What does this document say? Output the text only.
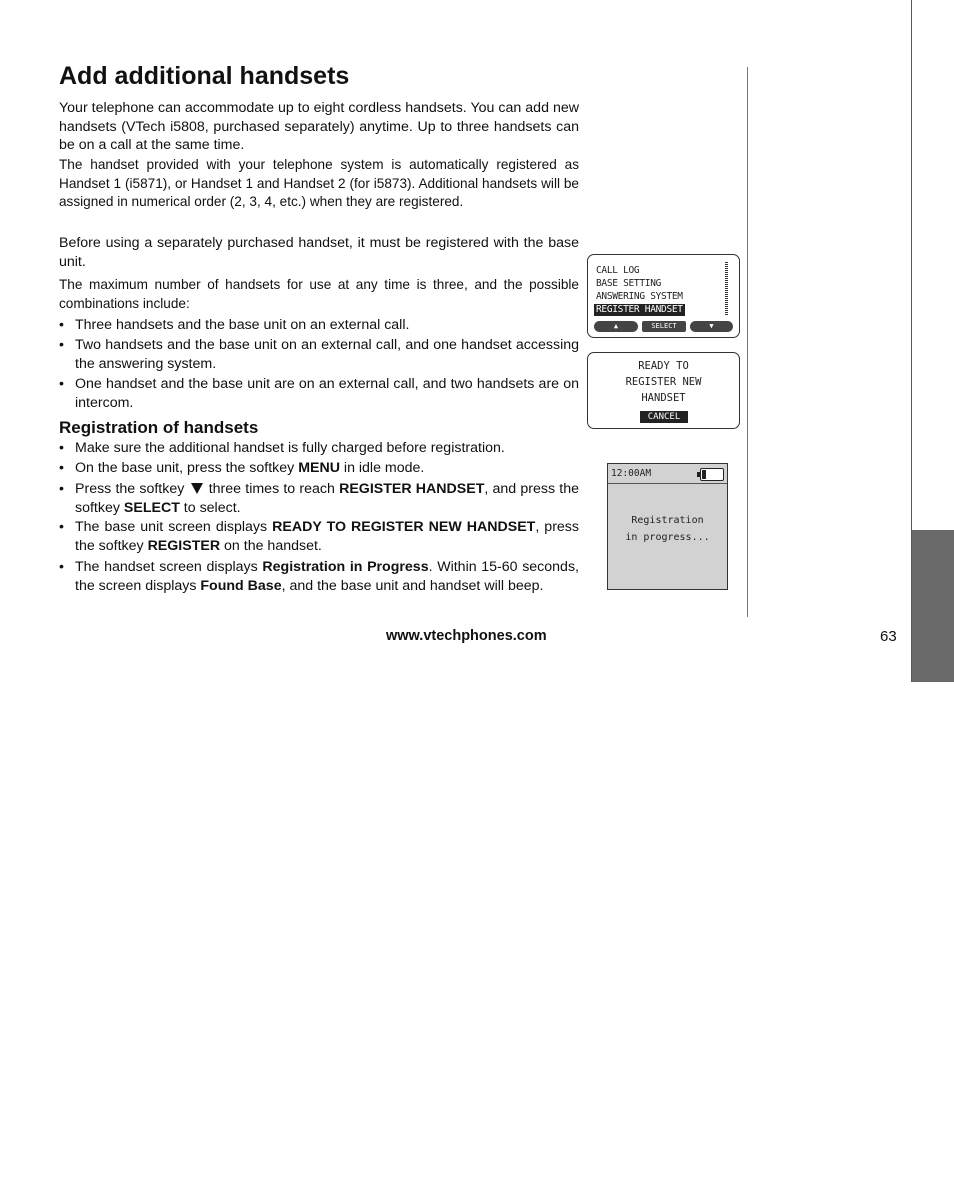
Appendix
Add additional handsets

Your telephone can accommodate up to eight cordless handsets. You can add new handsets (VTech i5808, purchased separately) anytime. Up to three handsets can be on a call at the same time.

The handset provided with your telephone system is automatically registered as Handset 1 (i5871), or Handset 1 and Handset 2 (for i5873). Additional handsets will be assigned in numerical order (2, 3, 4, etc.) when they are registered.

Before using a separately purchased handset, it must be registered with the base unit.

The maximum number of handsets for use at any time is three, and the possible combinations include:

• Three handsets and the base unit on an external call.
• Two handsets and the base unit on an external call, and one handset accessing the answering system.
• One handset and the base unit are on an external call, and two handsets are on intercom.
Registration of handsets
• Make sure the additional handset is fully charged before registration.
• On the base unit, press the softkey MENU in idle mode.
• Press the softkey  three times to reach REGISTER HANDSET, and press the softkey SELECT to select.
• The base unit screen displays READY TO REGISTER NEW HANDSET, press the softkey REGISTER on the handset.
• The handset screen displays Registration in Progress. Within 15-60 seconds, the screen displays Found Base, and the base unit and handset will beep.
CALL LOG
BASE SETTING
ANSWERING SYSTEM
REGISTER HANDSET
▲	SELECT	▼
READY TO
REGISTER NEW
HANDSET
CANCEL
12:00AM
Registration
in progress...
www.vtechphones.com	63
